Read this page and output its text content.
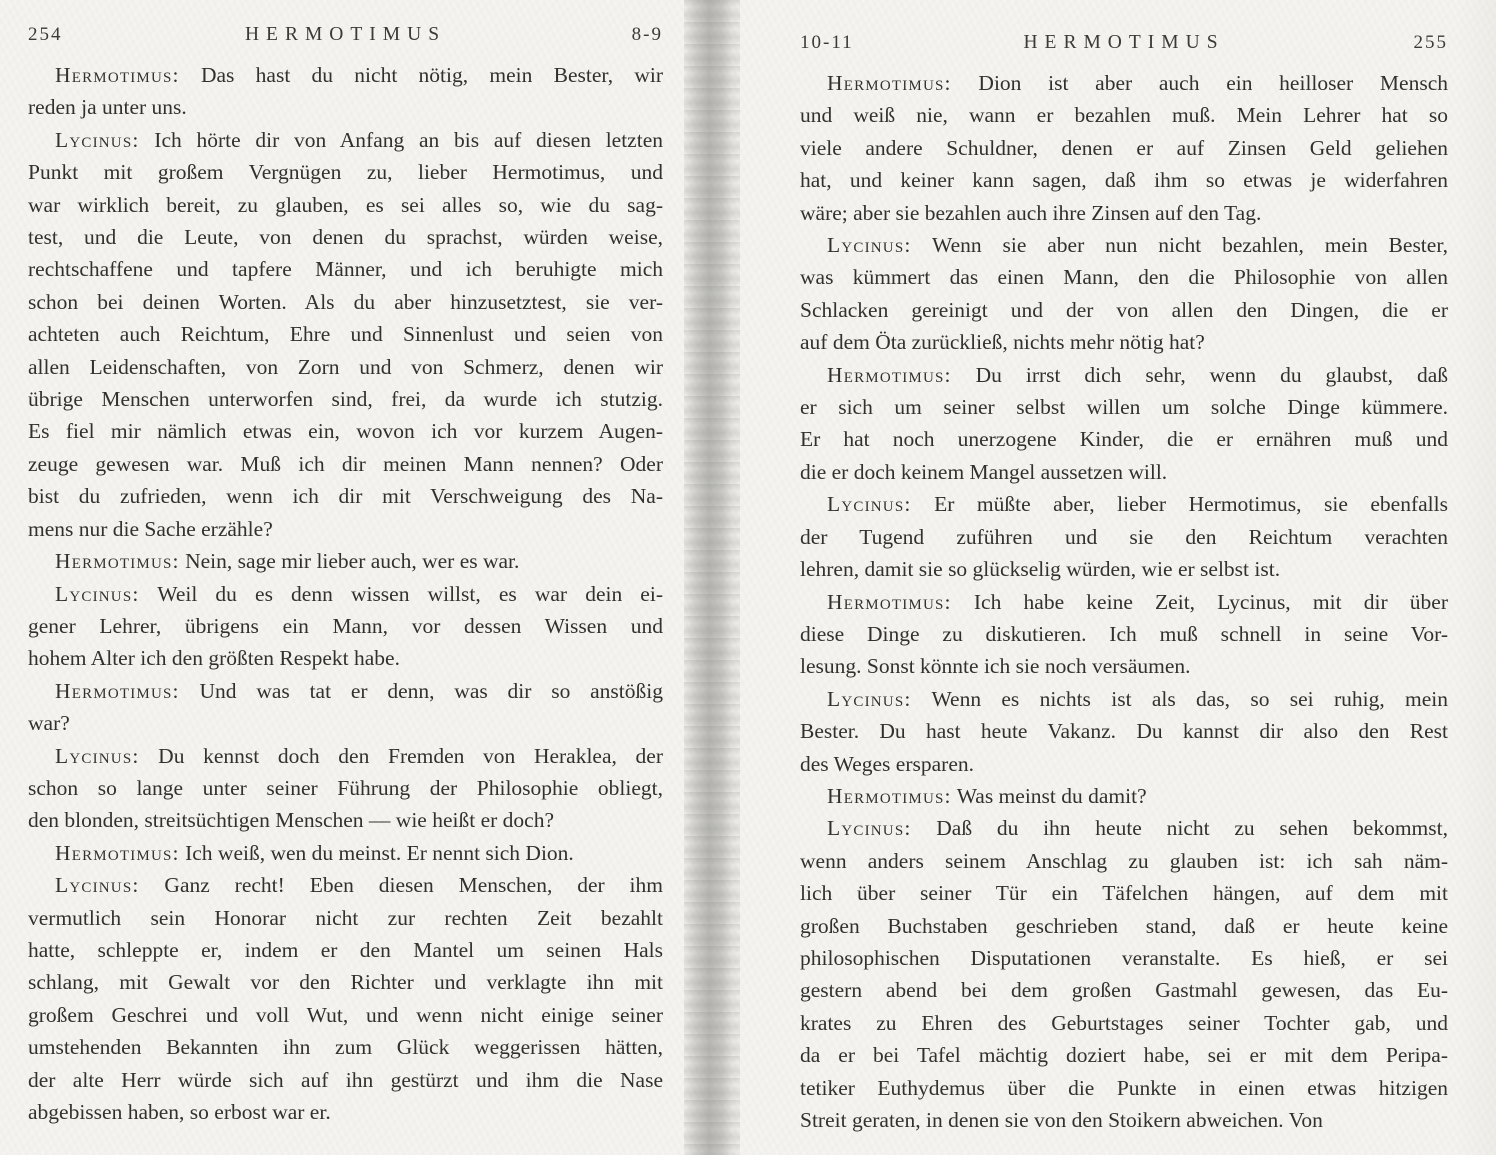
254	HERMOTIMUS	8-9
Hermotimus: Das hast du nicht nötig, mein Bester, wir
reden ja unter uns.
Lycinus: Ich hörte dir von Anfang an bis auf diesen letzten
Punkt mit großem Vergnügen zu, lieber Hermotimus, und
war wirklich bereit, zu glauben, es sei alles so, wie du sag-
test, und die Leute, von denen du sprachst, würden weise,
rechtschaffene und tapfere Männer, und ich beruhigte mich
schon bei deinen Worten. Als du aber hinzusetztest, sie ver-
achteten auch Reichtum, Ehre und Sinnenlust und seien von
allen Leidenschaften, von Zorn und von Schmerz, denen wir
übrige Menschen unterworfen sind, frei, da wurde ich stutzig.
Es fiel mir nämlich etwas ein, wovon ich vor kurzem Augen-
zeuge gewesen war. Muß ich dir meinen Mann nennen? Oder
bist du zufrieden, wenn ich dir mit Verschweigung des Na-
mens nur die Sache erzähle?
Hermotimus: Nein, sage mir lieber auch, wer es war.
Lycinus: Weil du es denn wissen willst, es war dein ei-
gener Lehrer, übrigens ein Mann, vor dessen Wissen und
hohem Alter ich den größten Respekt habe.
Hermotimus: Und was tat er denn, was dir so anstößig
war?
Lycinus: Du kennst doch den Fremden von Heraklea, der
schon so lange unter seiner Führung der Philosophie obliegt,
den blonden, streitsüchtigen Menschen — wie heißt er doch?
Hermotimus: Ich weiß, wen du meinst. Er nennt sich Dion.
Lycinus: Ganz recht! Eben diesen Menschen, der ihm
vermutlich sein Honorar nicht zur rechten Zeit bezahlt
hatte, schleppte er, indem er den Mantel um seinen Hals
schlang, mit Gewalt vor den Richter und verklagte ihn mit
großem Geschrei und voll Wut, und wenn nicht einige seiner
umstehenden Bekannten ihn zum Glück weggerissen hätten,
der alte Herr würde sich auf ihn gestürzt und ihm die Nase
abgebissen haben, so erbost war er.
10-11	HERMOTIMUS	255
Hermotimus: Dion ist aber auch ein heilloser Mensch
und weiß nie, wann er bezahlen muß. Mein Lehrer hat so
viele andere Schuldner, denen er auf Zinsen Geld geliehen
hat, und keiner kann sagen, daß ihm so etwas je widerfahren
wäre; aber sie bezahlen auch ihre Zinsen auf den Tag.
Lycinus: Wenn sie aber nun nicht bezahlen, mein Bester,
was kümmert das einen Mann, den die Philosophie von allen
Schlacken gereinigt und der von allen den Dingen, die er
auf dem Öta zurückließ, nichts mehr nötig hat?
Hermotimus: Du irrst dich sehr, wenn du glaubst, daß
er sich um seiner selbst willen um solche Dinge kümmere.
Er hat noch unerzogene Kinder, die er ernähren muß und
die er doch keinem Mangel aussetzen will.
Lycinus: Er müßte aber, lieber Hermotimus, sie ebenfalls
der Tugend zuführen und sie den Reichtum verachten
lehren, damit sie so glückselig würden, wie er selbst ist.
Hermotimus: Ich habe keine Zeit, Lycinus, mit dir über
diese Dinge zu diskutieren. Ich muß schnell in seine Vor-
lesung. Sonst könnte ich sie noch versäumen.
Lycinus: Wenn es nichts ist als das, so sei ruhig, mein
Bester. Du hast heute Vakanz. Du kannst dir also den Rest
des Weges ersparen.
Hermotimus: Was meinst du damit?
Lycinus: Daß du ihn heute nicht zu sehen bekommst,
wenn anders seinem Anschlag zu glauben ist: ich sah näm-
lich über seiner Tür ein Täfelchen hängen, auf dem mit
großen Buchstaben geschrieben stand, daß er heute keine
philosophischen Disputationen veranstalte. Es hieß, er sei
gestern abend bei dem großen Gastmahl gewesen, das Eu-
krates zu Ehren des Geburtstages seiner Tochter gab, und
da er bei Tafel mächtig doziert habe, sei er mit dem Peripa-
tetiker Euthydemus über die Punkte in einen etwas hitzigen
Streit geraten, in denen sie von den Stoikern abweichen. Von
